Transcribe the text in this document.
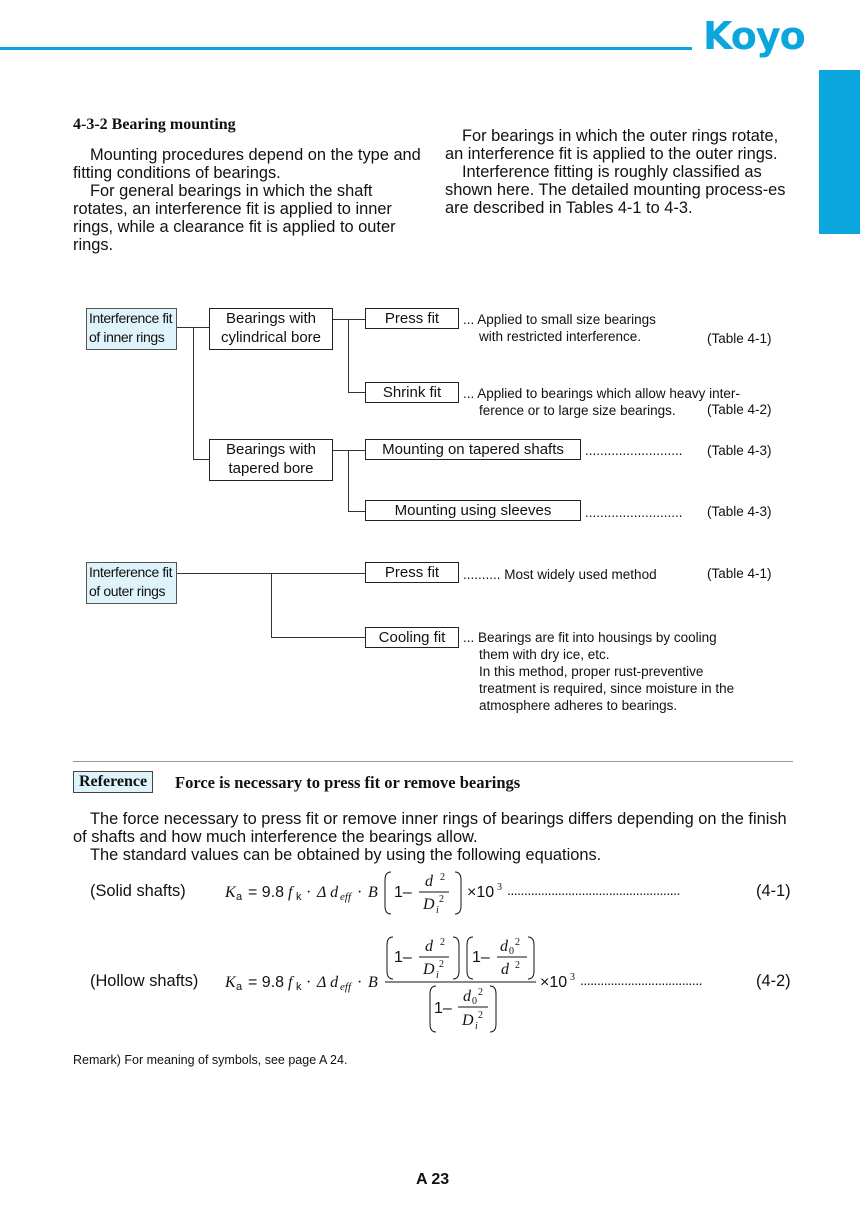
Koyo
4-3-2 Bearing mounting

Mounting procedures depend on the type and fitting conditions of bearings.

For general bearings in which the shaft rotates, an interference fit is applied to inner rings, while a clearance fit is applied to outer rings.

For bearings in which the outer rings rotate, an interference fit is applied to the outer rings.

Interference fitting is roughly classified as shown here. The detailed mounting process-es are described in Tables 4-1 to 4-3.

Interference fit
of inner rings
Bearings with
cylindrical bore
Bearings with
tapered bore
Press fit
Shrink fit
Mounting on tapered shafts
Mounting using sleeves
Interference fit
of outer rings
Press fit
Cooling fit
... Applied to small size bearings
with restricted interference.
... Applied to bearings which allow heavy inter-
ference or to large size bearings.
..........................
..........................
.......... Most widely used method
... Bearings are fit into housings by cooling
them with dry ice, etc.
In this method, proper rust-preventive
treatment is required, since moisture in the
atmosphere adheres to bearings.
(Table 4-1)
(Table 4-2)
(Table 4-3)
(Table 4-3)
(Table 4-1)
Reference	Force is necessary to press fit or remove bearings

The force necessary to press fit or remove inner rings of bearings differs depending on the finish of shafts and how much interference the bearings allow.

The standard values can be obtained by using the following equations.

(Solid shafts)
(Hollow shafts)
...................................................	(4-1)
....................................	(4-2)
K a = 9.8 f k · Δ d eff · B 1–
d 2
D i
2 ×10 3
K a = 9.8 f k · Δ d eff · B
1–
d 2
D i
2 1–
d 0
2
d 2
1–
d 0
2
D i
2
×10 3
Remark) For meaning of symbols, see page A 24.
A 23
